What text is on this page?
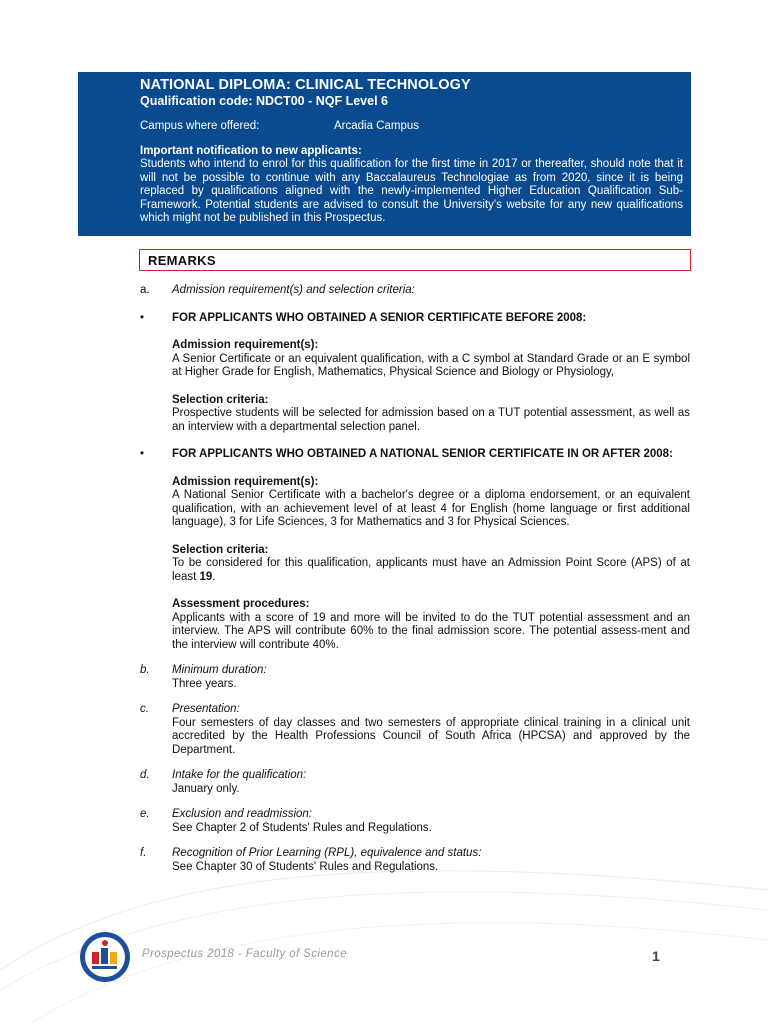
NATIONAL DIPLOMA: CLINICAL TECHNOLOGY
Qualification code: NDCT00 - NQF Level 6
Campus where offered:	Arcadia Campus
Important notification to new applicants:
Students who intend to enrol for this qualification for the first time in 2017 or thereafter, should note that it will not be possible to continue with any Baccalaureus Technologiae as from 2020, since it is being replaced by qualifications aligned with the newly-implemented Higher Education Qualification Sub-Framework. Potential students are advised to consult the University's website for any new qualifications which might not be published in this Prospectus.
REMARKS
a.	Admission requirement(s) and selection criteria:
•	FOR APPLICANTS WHO OBTAINED A SENIOR CERTIFICATE BEFORE 2008:
Admission requirement(s):
A Senior Certificate or an equivalent qualification, with a C symbol at Standard Grade or an E symbol at Higher Grade for English, Mathematics, Physical Science and Biology or Physiology,
Selection criteria:
Prospective students will be selected for admission based on a TUT potential assessment, as well as an interview with a departmental selection panel.
•	FOR APPLICANTS WHO OBTAINED A NATIONAL SENIOR CERTIFICATE IN OR AFTER 2008:
Admission requirement(s):
A National Senior Certificate with a bachelor's degree or a diploma endorsement, or an equivalent qualification, with an achievement level of at least 4 for English (home language or first additional language), 3 for Life Sciences, 3 for Mathematics and 3 for Physical Sciences.
Selection criteria:
To be considered for this qualification, applicants must have an Admission Point Score (APS) of at least 19.
Assessment procedures:
Applicants with a score of 19 and more will be invited to do the TUT potential assessment and an interview. The APS will contribute 60% to the final admission score. The potential assess-ment and the interview will contribute 40%.
b.	Minimum duration:
Three years.
c.	Presentation:
Four semesters of day classes and two semesters of appropriate clinical training in a clinical unit accredited by the Health Professions Council of South Africa (HPCSA) and approved by the Department.
d.	Intake for the qualification:
January only.
e.	Exclusion and readmission:
See Chapter 2 of Students' Rules and Regulations.
f.	Recognition of Prior Learning (RPL), equivalence and status:
See Chapter 30 of Students' Rules and Regulations.
Prospectus 2018 - Faculty of Science	1
